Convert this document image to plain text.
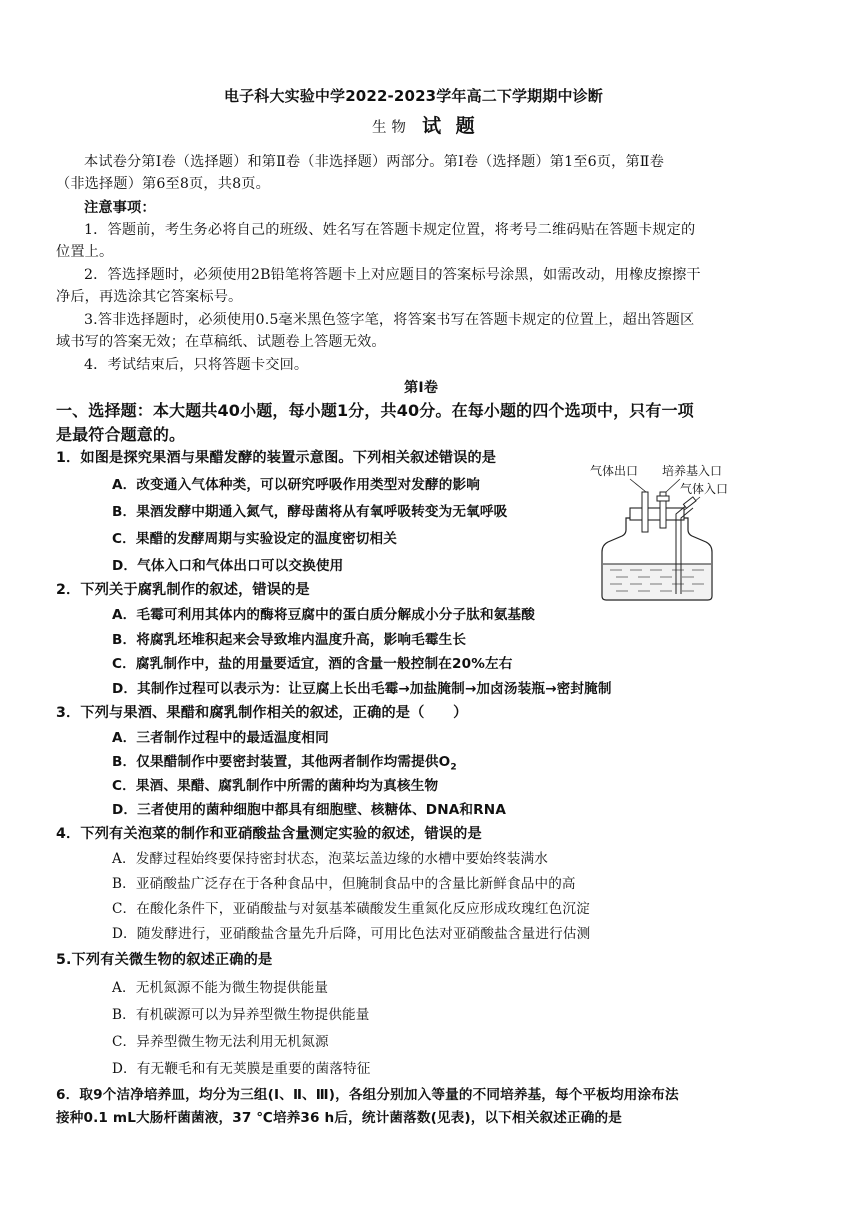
电子科大实验中学2022-2023学年高二下学期期中诊断
生 物 试 题
本试卷分第Ⅰ卷（选择题）和第Ⅱ卷（非选择题）两部分。第Ⅰ卷（选择题）第1至6页，第Ⅱ卷
（非选择题）第6至8页，共8页。
注意事项：
1．答题前，考生务必将自己的班级、姓名写在答题卡规定位置，将考号二维码贴在答题卡规定的
位置上。
2．答选择题时，必须使用2B铅笔将答题卡上对应题目的答案标号涂黑，如需改动，用橡皮擦擦干
净后，再选涂其它答案标号。
3.答非选择题时，必须使用0.5毫米黑色签字笔，将答案书写在答题卡规定的位置上，超出答题区
域书写的答案无效；在草稿纸、试题卷上答题无效。
4．考试结束后，只将答题卡交回。
第Ⅰ卷
一、选择题：本大题共40小题，每小题1分，共40分。在每小题的四个选项中，只有一项
是最符合题意的。
1．如图是探究果酒与果醋发酵的装置示意图。下列相关叙述错误的是
A．改变通入气体种类，可以研究呼吸作用类型对发酵的影响
B．果酒发酵中期通入氮气，酵母菌将从有氧呼吸转变为无氧呼吸
C．果醋的发酵周期与实验设定的温度密切相关
D．气体入口和气体出口可以交换使用
气体出口 培养基入口
气体入口
2．下列关于腐乳制作的叙述，错误的是
A．毛霉可利用其体内的酶将豆腐中的蛋白质分解成小分子肽和氨基酸
B．将腐乳坯堆积起来会导致堆内温度升高，影响毛霉生长
C．腐乳制作中，盐的用量要适宜，酒的含量一般控制在20%左右
D．其制作过程可以表示为：让豆腐上长出毛霉→加盐腌制→加卤汤装瓶→密封腌制
3．下列与果酒、果醋和腐乳制作相关的叙述，正确的是（　　）
A．三者制作过程中的最适温度相同
B．仅果醋制作中要密封装置，其他两者制作均需提供$O_2$
C．果酒、果醋、腐乳制作中所需的菌种均为真核生物
D．三者使用的菌种细胞中都具有细胞壁、核糖体、DNA和RNA
4．下列有关泡菜的制作和亚硝酸盐含量测定实验的叙述，错误的是
A．发酵过程始终要保持密封状态，泡菜坛盖边缘的水槽中要始终装满水
B．亚硝酸盐广泛存在于各种食品中，但腌制食品中的含量比新鲜食品中的高
C．在酸化条件下，亚硝酸盐与对氨基苯磺酸发生重氮化反应形成玫瑰红色沉淀
D．随发酵进行，亚硝酸盐含量先升后降，可用比色法对亚硝酸盐含量进行估测
5.下列有关微生物的叙述正确的是
A．无机氮源不能为微生物提供能量
B．有机碳源可以为异养型微生物提供能量
C．异养型微生物无法利用无机氮源
D．有无鞭毛和有无荚膜是重要的菌落特征
6．取9个洁净培养皿，均分为三组(Ⅰ、Ⅱ、Ⅲ)，各组分别加入等量的不同培养基，每个平板均用涂布法
接种0.1 mL大肠杆菌菌液，37 ℃培养36 h后，统计菌落数(见表)，以下相关叙述正确的是
